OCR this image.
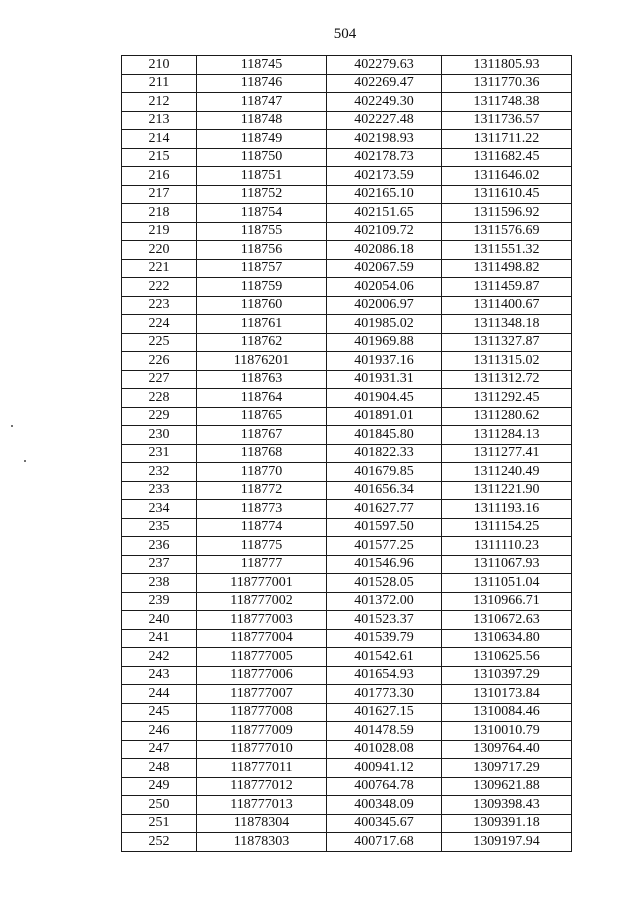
504
210	118745	402279.63	1311805.93
211	118746	402269.47	1311770.36
212	118747	402249.30	1311748.38
213	118748	402227.48	1311736.57
214	118749	402198.93	1311711.22
215	118750	402178.73	1311682.45
216	118751	402173.59	1311646.02
217	118752	402165.10	1311610.45
218	118754	402151.65	1311596.92
219	118755	402109.72	1311576.69
220	118756	402086.18	1311551.32
221	118757	402067.59	1311498.82
222	118759	402054.06	1311459.87
223	118760	402006.97	1311400.67
224	118761	401985.02	1311348.18
225	118762	401969.88	1311327.87
226	11876201	401937.16	1311315.02
227	118763	401931.31	1311312.72
228	118764	401904.45	1311292.45
229	118765	401891.01	1311280.62
230	118767	401845.80	1311284.13
231	118768	401822.33	1311277.41
232	118770	401679.85	1311240.49
233	118772	401656.34	1311221.90
234	118773	401627.77	1311193.16
235	118774	401597.50	1311154.25
236	118775	401577.25	1311110.23
237	118777	401546.96	1311067.93
238	118777001	401528.05	1311051.04
239	118777002	401372.00	1310966.71
240	118777003	401523.37	1310672.63
241	118777004	401539.79	1310634.80
242	118777005	401542.61	1310625.56
243	118777006	401654.93	1310397.29
244	118777007	401773.30	1310173.84
245	118777008	401627.15	1310084.46
246	118777009	401478.59	1310010.79
247	118777010	401028.08	1309764.40
248	118777011	400941.12	1309717.29
249	118777012	400764.78	1309621.88
250	118777013	400348.09	1309398.43
251	11878304	400345.67	1309391.18
252	11878303	400717.68	1309197.94
